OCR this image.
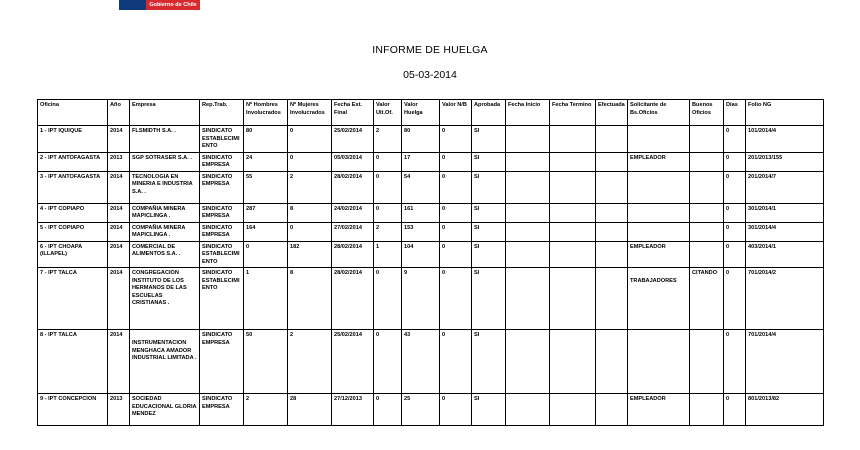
Gobierno de Chile
INFORME DE HUELGA
05-03-2014
Oficina	Año	Empresa	Rep.Trab.	Nº Hombres Involucrados	Nº Mujeres Involucrados	Fecha Est. Final	Valor Ult.Of.	Valor Huelga	Valor N/B	Aprobada	Fecha Inicio	Fecha Termino	Efectuada	Solicitante de Bs.Oficios	Buenos Oficios	Días	Folio NG
1 - IPT IQUIQUE	2014	FLSMIDTH S.A. .	SINDICATO ESTABLECIMIENTO	80	0	25/02/2014	2	80	0	SI						0	101/2014/4
2 - IPT ANTOFAGASTA	2013	SGP SOTRASER S.A. .	SINDICATO EMPRESA	24	0	05/03/2014	0	17	0	SI				EMPLEADOR		0	201/2013/155
3 - IPT ANTOFAGASTA	2014	TECNOLOGIA EN MINERIA E INDUSTRIA S.A. .	SINDICATO EMPRESA	55	2	28/02/2014	0	54	0	SI						0	201/2014/7
4 - IPT COPIAPO	2014	COMPAÑIA MINERA MAPICLINGA .	SINDICATO EMPRESA	287	8	24/02/2014	0	161	0	SI						0	301/2014/1
5 - IPT COPIAPO	2014	COMPAÑIA MINERA MAPICLINGA .	SINDICATO EMPRESA	164	0	27/02/2014	2	153	0	SI						0	301/2014/4
6 - IPT CHOAPA (ILLAPEL)	2014	COMERCIAL DE ALIMENTOS S.A. .	SINDICATO ESTABLECIMIENTO	0	182	28/02/2014	1	104	0	SI				EMPLEADOR		0	403/2014/1
7 - IPT TALCA	2014	CONGREGACION INSTITUTO DE LOS HERMANOS DE LAS ESCUELAS CRISTIANAS .	SINDICATO ESTABLECIMIENTO	1	8	28/02/2014	0	9	0	SI				TRABAJADORES	CITANDO	0	701/2014/2
8 - IPT TALCA	2014	INSTRUMENTACION MENGHACA AMADOR INDUSTRIAL LIMITADA .	SINDICATO EMPRESA	50	2	25/02/2014	0	43	0	SI						0	701/2014/4
9 - IPT CONCEPCION	2013	SOCIEDAD EDUCACIONAL GLORIA MENDEZ	SINDICATO EMPRESA	2	28	27/12/2013	0	25	0	SI				EMPLEADOR		0	801/2013/82
